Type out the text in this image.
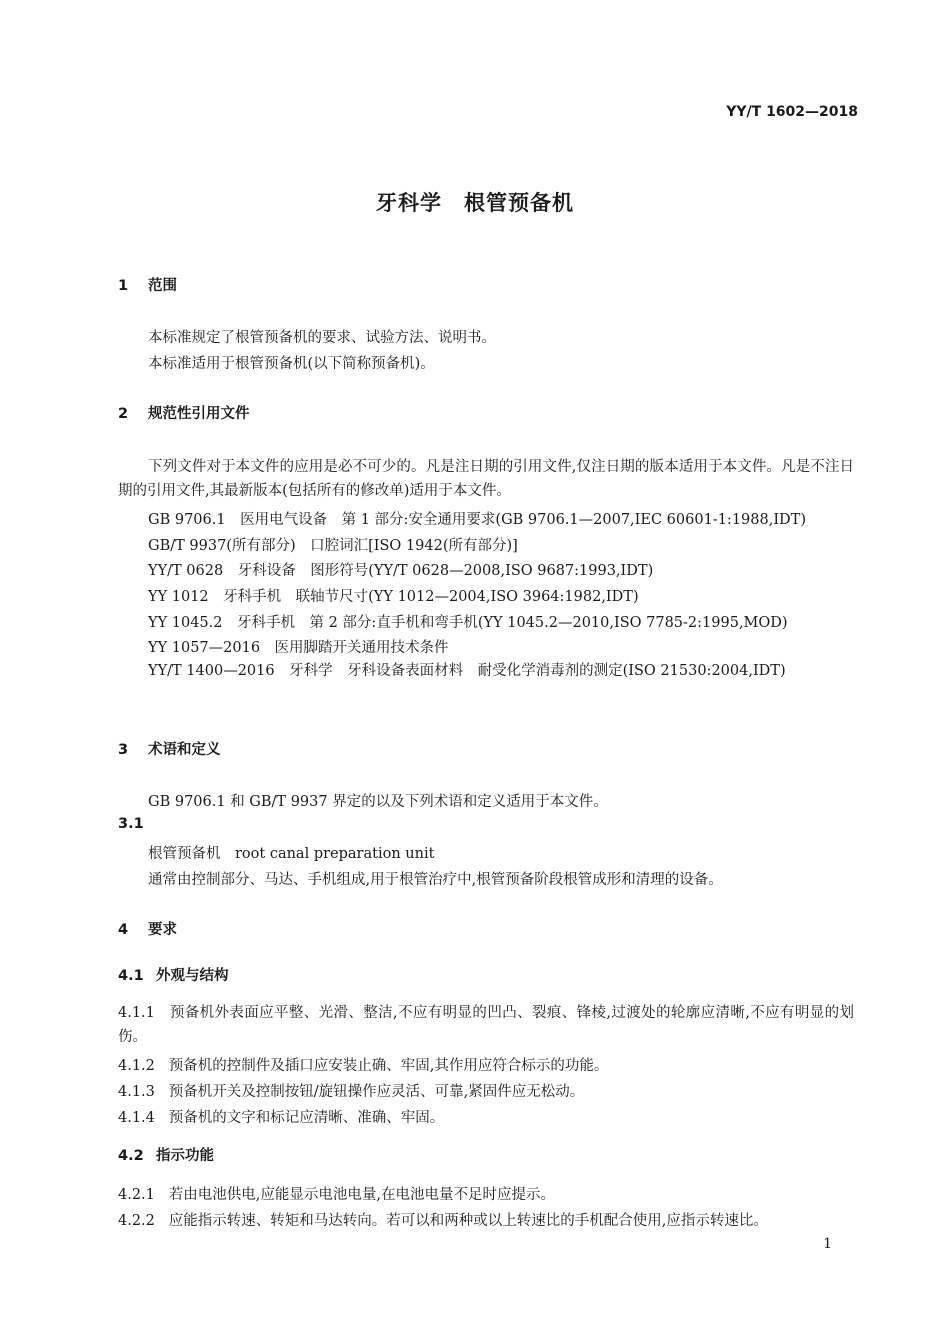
YY/T 1602—2018
牙科学 根管预备机
1 范围
本标准规定了根管预备机的要求、试验方法、说明书。
本标准适用于根管预备机(以下简称预备机)。
2 规范性引用文件
下列文件对于本文件的应用是必不可少的。凡是注日期的引用文件,仅注日期的版本适用于本文件。凡是不注日期的引用文件,其最新版本(包括所有的修改单)适用于本文件。
GB 9706.1　医用电气设备　第 1 部分:安全通用要求(GB 9706.1—2007,IEC 60601-1:1988,IDT)
GB/T 9937(所有部分)　口腔词汇[ISO 1942(所有部分)]
YY/T 0628　牙科设备　图形符号(YY/T 0628—2008,ISO 9687:1993,IDT)
YY 1012　牙科手机　联轴节尺寸(YY 1012—2004,ISO 3964:1982,IDT)
YY 1045.2　牙科手机　第 2 部分:直手机和弯手机(YY 1045.2—2010,ISO 7785-2:1995,MOD)
YY 1057—2016　医用脚踏开关通用技术条件
YY/T 1400—2016　牙科学　牙科设备表面材料　耐受化学消毒剂的测定(ISO 21530:2004,IDT)
3 术语和定义
GB 9706.1 和 GB/T 9937 界定的以及下列术语和定义适用于本文件。
3.1
根管预备机　root canal preparation unit
通常由控制部分、马达、手机组成,用于根管治疗中,根管预备阶段根管成形和清理的设备。
4 要求
4.1 外观与结构
4.1.1 预备机外表面应平整、光滑、整洁,不应有明显的凹凸、裂痕、锋棱,过渡处的轮廓应清晰,不应有明显的划伤。
4.1.2 预备机的控制件及插口应安装止确、牢固,其作用应符合标示的功能。
4.1.3 预备机开关及控制按钮/旋钮操作应灵活、可靠,紧固件应无松动。
4.1.4 预备机的文字和标记应清晰、准确、牢固。
4.2 指示功能
4.2.1 若由电池供电,应能显示电池电量,在电池电量不足时应提示。
4.2.2 应能指示转速、转矩和马达转向。若可以和两种或以上转速比的手机配合使用,应指示转速比。
1
